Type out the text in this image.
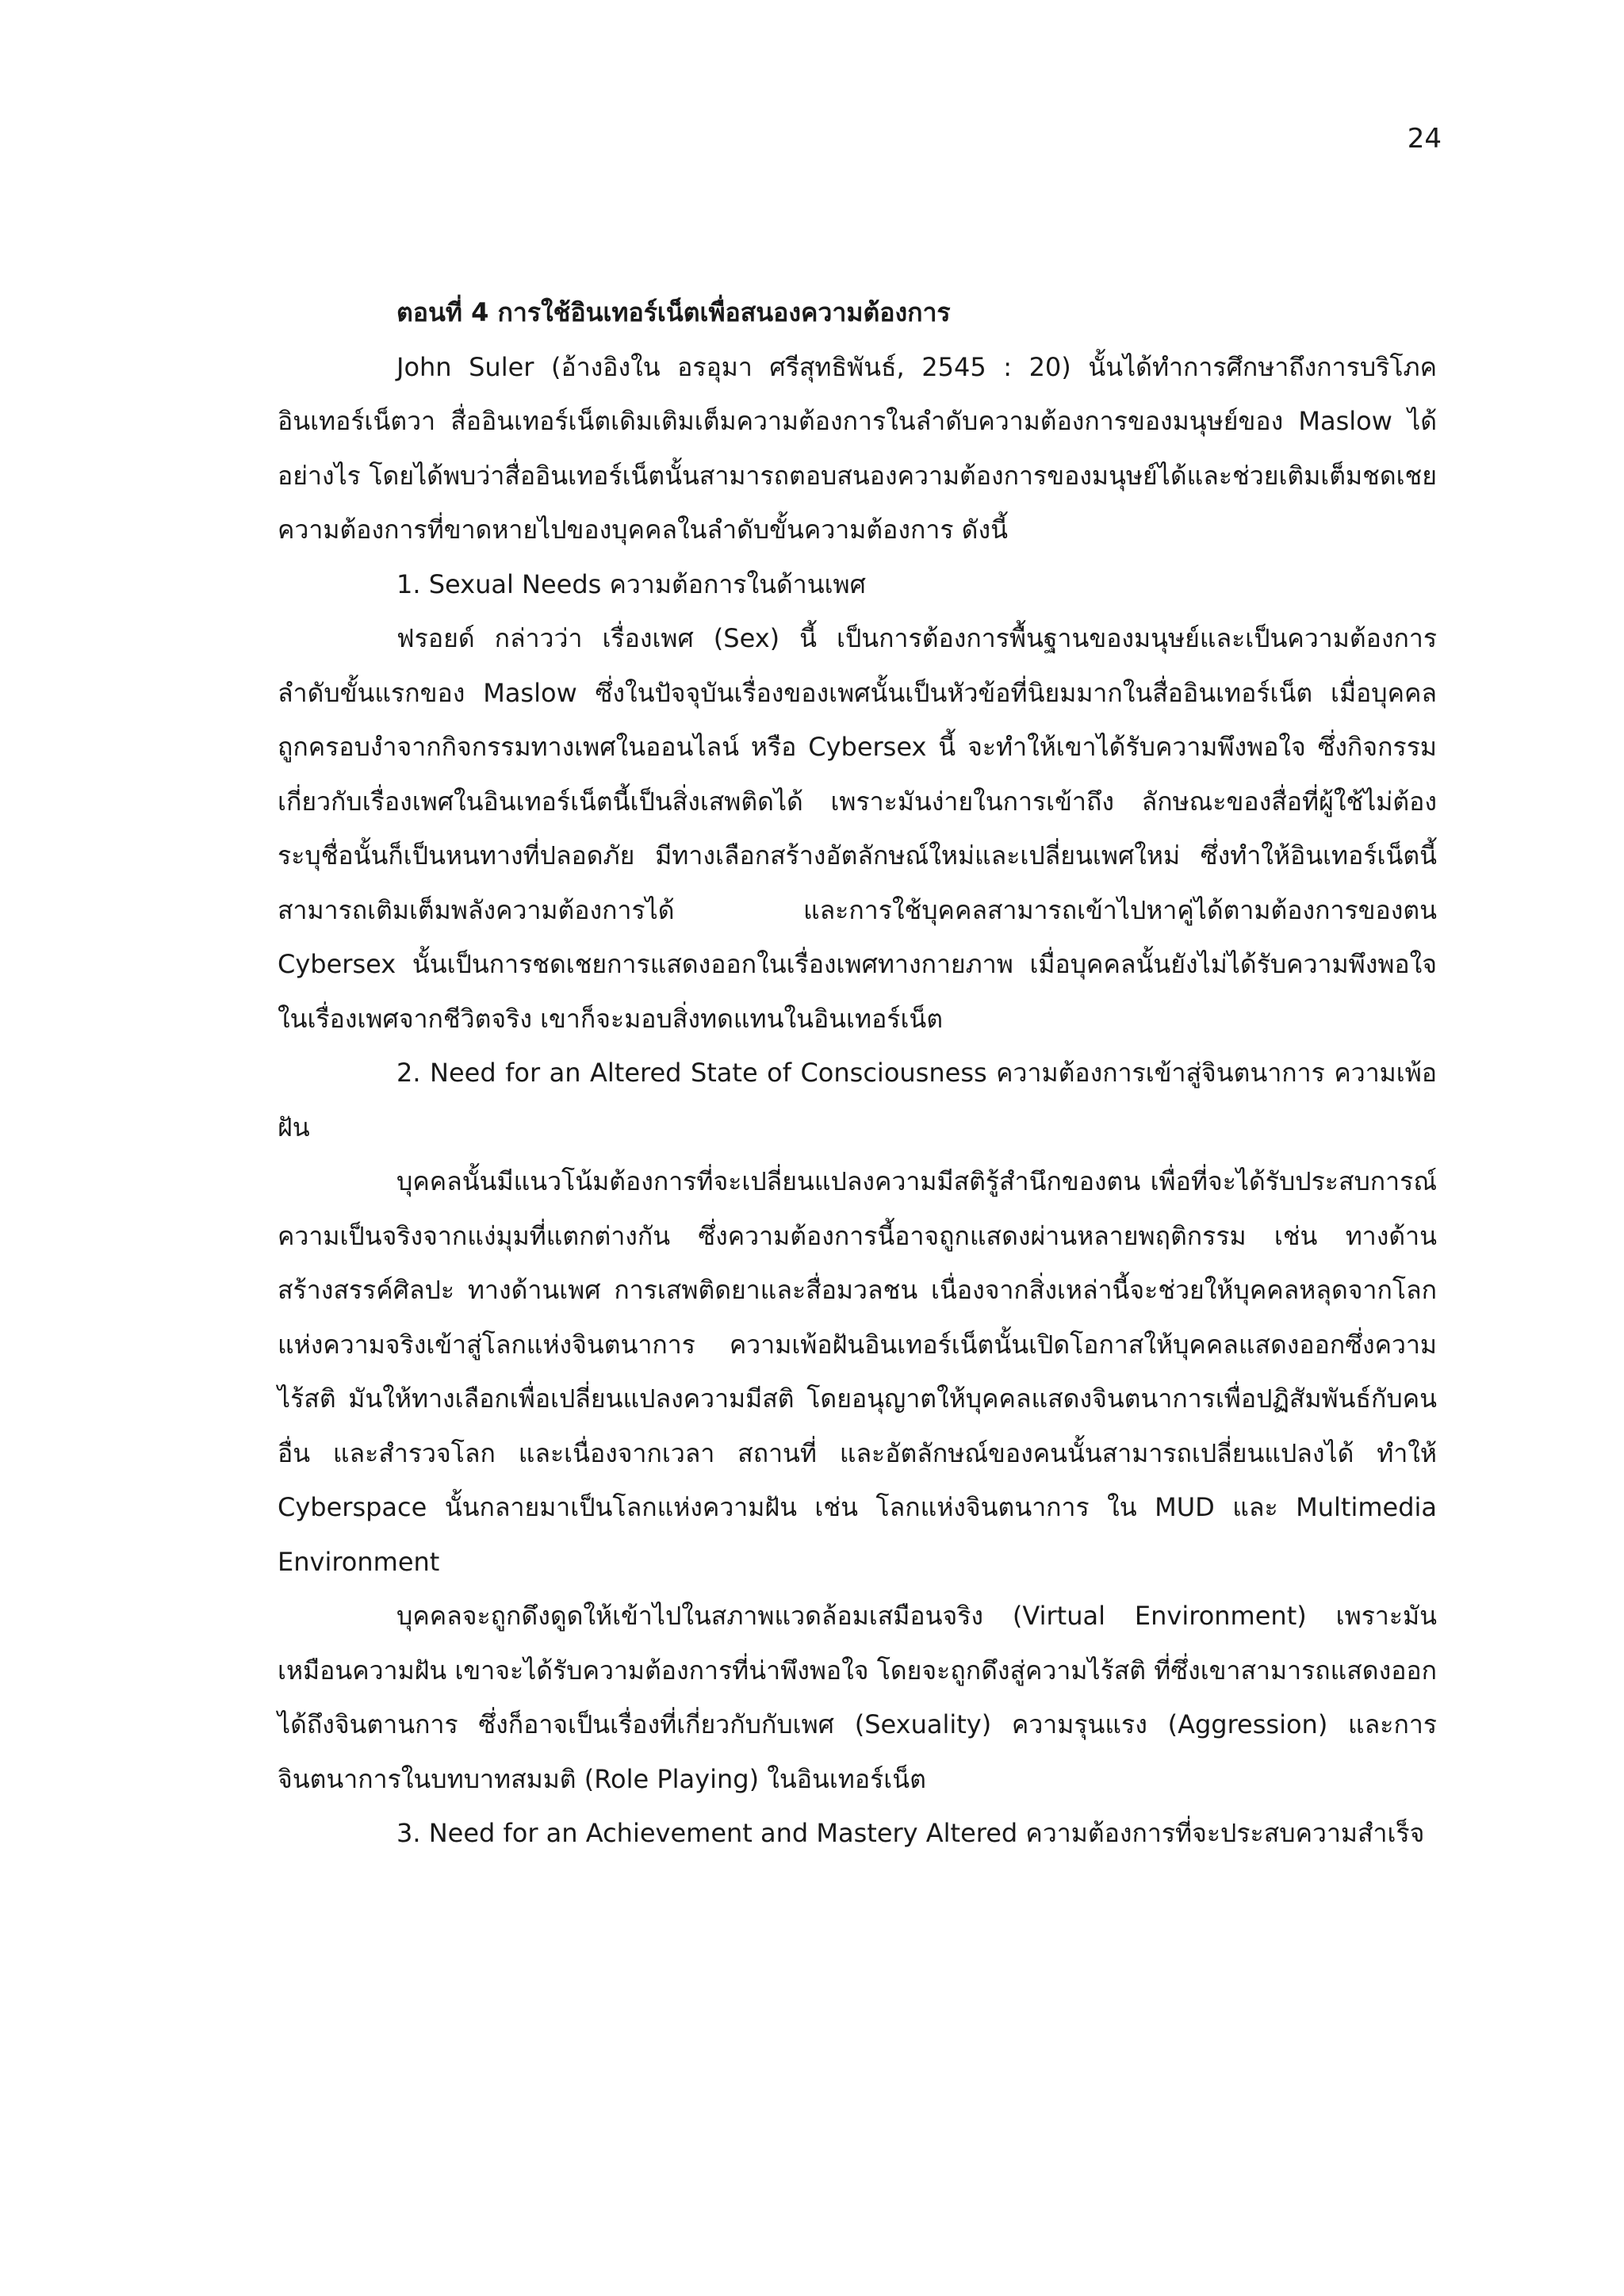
24

ตอนที่ 4 การใช้อินเทอร์เน็ตเพื่อสนองความต้องการ

John Suler (อ้างอิงใน อรอุมา ศรีสุทธิพันธ์, 2545 : 20) นั้นได้ทำการศึกษาถึงการบริโภคอินเทอร์เน็ตวา สื่ออินเทอร์เน็ตเดิมเติมเต็มความต้องการในลำดับความต้องการของมนุษย์ของ Maslow ได้อย่างไร โดยได้พบว่าสื่ออินเทอร์เน็ตนั้นสามารถตอบสนองความต้องการของมนุษย์ได้และช่วยเติมเต็มชดเชยความต้องการที่ขาดหายไปของบุคคลในลำดับขั้นความต้องการ ดังนี้

1. Sexual Needs ความต้อการในด้านเพศ

ฟรอยด์ กล่าวว่า เรื่องเพศ (Sex) นี้ เป็นการต้องการพื้นฐานของมนุษย์และเป็นความต้องการลำดับขั้นแรกของ Maslow ซึ่งในปัจจุบันเรื่องของเพศนั้นเป็นหัวข้อที่นิยมมากในสื่ออินเทอร์เน็ต เมื่อบุคคลถูกครอบงำจากกิจกรรมทางเพศในออนไลน์ หรือ Cybersex นี้ จะทำให้เขาได้รับความพึงพอใจ ซึ่งกิจกรรมเกี่ยวกับเรื่องเพศในอินเทอร์เน็ตนี้เป็นสิ่งเสพติดได้ เพราะมันง่ายในการเข้าถึง ลักษณะของสื่อที่ผู้ใช้ไม่ต้องระบุชื่อนั้นก็เป็นหนทางที่ปลอดภัย มีทางเลือกสร้างอัตลักษณ์ใหม่และเปลี่ยนเพศใหม่ ซึ่งทำให้อินเทอร์เน็ตนี้ สามารถเติมเต็มพลังความต้องการได้ และการใช้บุคคลสามารถเข้าไปหาคู่ได้ตามต้องการของตน Cybersex นั้นเป็นการชดเชยการแสดงออกในเรื่องเพศทางกายภาพ เมื่อบุคคลนั้นยังไม่ได้รับความพึงพอใจในเรื่องเพศจากชีวิตจริง เขาก็จะมอบสิ่งทดแทนในอินเทอร์เน็ต

2. Need for an Altered State of Consciousness ความต้องการเข้าสู่จินตนาการ ความเพ้อฝัน

บุคคลนั้นมีแนวโน้มต้องการที่จะเปลี่ยนแปลงความมีสติรู้สำนึกของตน เพื่อที่จะได้รับประสบการณ์ความเป็นจริงจากแง่มุมที่แตกต่างกัน ซึ่งความต้องการนี้อาจถูกแสดงผ่านหลายพฤติกรรม เช่น ทางด้านสร้างสรรค์ศิลปะ ทางด้านเพศ การเสพติดยาและสื่อมวลชน เนื่องจากสิ่งเหล่านี้จะช่วยให้บุคคลหลุดจากโลกแห่งความจริงเข้าสู่โลกแห่งจินตนาการ ความเพ้อฝันอินเทอร์เน็ตนั้นเปิดโอกาสให้บุคคลแสดงออกซึ่งความไร้สติ มันให้ทางเลือกเพื่อเปลี่ยนแปลงความมีสติ โดยอนุญาตให้บุคคลแสดงจินตนาการเพื่อปฏิสัมพันธ์กับคนอื่น และสำรวจโลก และเนื่องจากเวลา สถานที่ และอัตลักษณ์ของคนนั้นสามารถเปลี่ยนแปลงได้ ทำให้ Cyberspace นั้นกลายมาเป็นโลกแห่งความฝัน เช่น โลกแห่งจินตนาการ ใน MUD และ Multimedia Environment

บุคคลจะถูกดึงดูดให้เข้าไปในสภาพแวดล้อมเสมือนจริง (Virtual Environment) เพราะมันเหมือนความฝัน เขาจะได้รับความต้องการที่น่าพึงพอใจ โดยจะถูกดึงสู่ความไร้สติ ที่ซึ่งเขาสามารถแสดงออกได้ถึงจินตานการ ซึ่งก็อาจเป็นเรื่องที่เกี่ยวกับกับเพศ (Sexuality) ความรุนแรง (Aggression) และการจินตนาการในบทบาทสมมติ (Role Playing) ในอินเทอร์เน็ต

3. Need for an Achievement and Mastery Altered ความต้องการที่จะประสบความสำเร็จ
